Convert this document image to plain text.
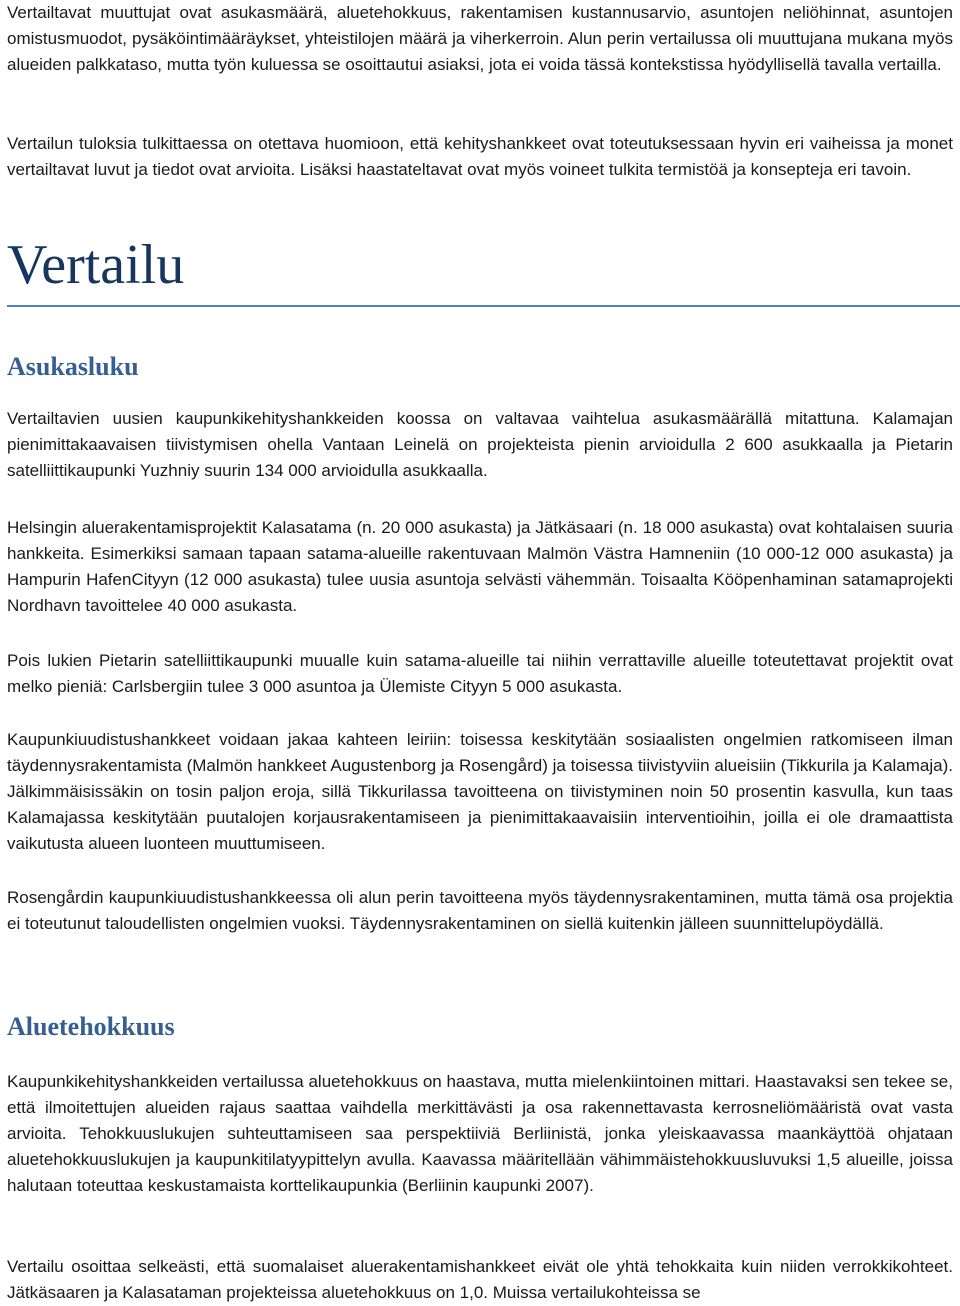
Vertailtavat muuttujat ovat asukasmäärä, aluetehokkuus, rakentamisen kustannusarvio, asuntojen neliöhinnat, asuntojen omistusmuodot, pysäköintimääräykset, yhteistilojen määrä ja viherkerroin. Alun perin vertailussa oli muuttujana mukana myös alueiden palkkataso, mutta työn kuluessa se osoittautui asiaksi, jota ei voida tässä kontekstissa hyödyllisellä tavalla vertailla.

Vertailun tuloksia tulkittaessa on otettava huomioon, että kehityshankkeet ovat toteutuksessaan hyvin eri vaiheissa ja monet vertailtavat luvut ja tiedot ovat arvioita. Lisäksi haastateltavat ovat myös voineet tulkita termistöä ja konsepteja eri tavoin.

Vertailu
Asukasluku

Vertailtavien uusien kaupunkikehityshankkeiden koossa on valtavaa vaihtelua asukasmäärällä mitattuna. Kalamajan pienimittakaavaisen tiivistymisen ohella Vantaan Leinelä on projekteista pienin arvioidulla 2 600 asukkaalla ja Pietarin satelliittikaupunki Yuzhniy suurin 134 000 arvioidulla asukkaalla.

Helsingin aluerakentamisprojektit Kalasatama (n. 20 000 asukasta) ja Jätkäsaari (n. 18 000 asukasta) ovat kohtalaisen suuria hankkeita. Esimerkiksi samaan tapaan satama-alueille rakentuvaan Malmön Västra Hamneniin (10 000-12 000 asukasta) ja Hampurin HafenCityyn (12 000 asukasta) tulee uusia asuntoja selvästi vähemmän. Toisaalta Kööpenhaminan satamaprojekti Nordhavn tavoittelee 40 000 asukasta.

Pois lukien Pietarin satelliittikaupunki muualle kuin satama-alueille tai niihin verrattaville alueille toteutettavat projektit ovat melko pieniä: Carlsbergiin tulee 3 000 asuntoa ja Ülemiste Cityyn 5 000 asukasta.

Kaupunkiuudistushankkeet voidaan jakaa kahteen leiriin: toisessa keskitytään sosiaalisten ongelmien ratkomiseen ilman täydennysrakentamista (Malmön hankkeet Augustenborg ja Rosengård) ja toisessa tiivistyviin alueisiin (Tikkurila ja Kalamaja). Jälkimmäisissäkin on tosin paljon eroja, sillä Tikkurilassa tavoitteena on tiivistyminen noin 50 prosentin kasvulla, kun taas Kalamajassa keskitytään puutalojen korjausrakentamiseen ja pienimittakaavaisiin interventioihin, joilla ei ole dramaattista vaikutusta alueen luonteen muuttumiseen.

Rosengårdin kaupunkiuudistushankkeessa oli alun perin tavoitteena myös täydennysrakentaminen, mutta tämä osa projektia ei toteutunut taloudellisten ongelmien vuoksi. Täydennysrakentaminen on siellä kuitenkin jälleen suunnittelupöydällä.

Aluetehokkuus

Kaupunkikehityshankkeiden vertailussa aluetehokkuus on haastava, mutta mielenkiintoinen mittari. Haastavaksi sen tekee se, että ilmoitettujen alueiden rajaus saattaa vaihdella merkittävästi ja osa rakennettavasta kerrosneliömääristä ovat vasta arvioita. Tehokkuuslukujen suhteuttamiseen saa perspektiiviä Berliinistä, jonka yleiskaavassa maankäyttöä ohjataan aluetehokkuuslukujen ja kaupunkitilatyypittelyn avulla. Kaavassa määritellään vähimmäistehokkuusluvuksi 1,5 alueille, joissa halutaan toteuttaa keskustamaista korttelikaupunkia (Berliinin kaupunki 2007).

Vertailu osoittaa selkeästi, että suomalaiset aluerakentamishankkeet eivät ole yhtä tehokkaita kuin niiden verrokkikohteet. Jätkäsaaren ja Kalasataman projekteissa aluetehokkuus on 1,0. Muissa vertailukohteissa se
